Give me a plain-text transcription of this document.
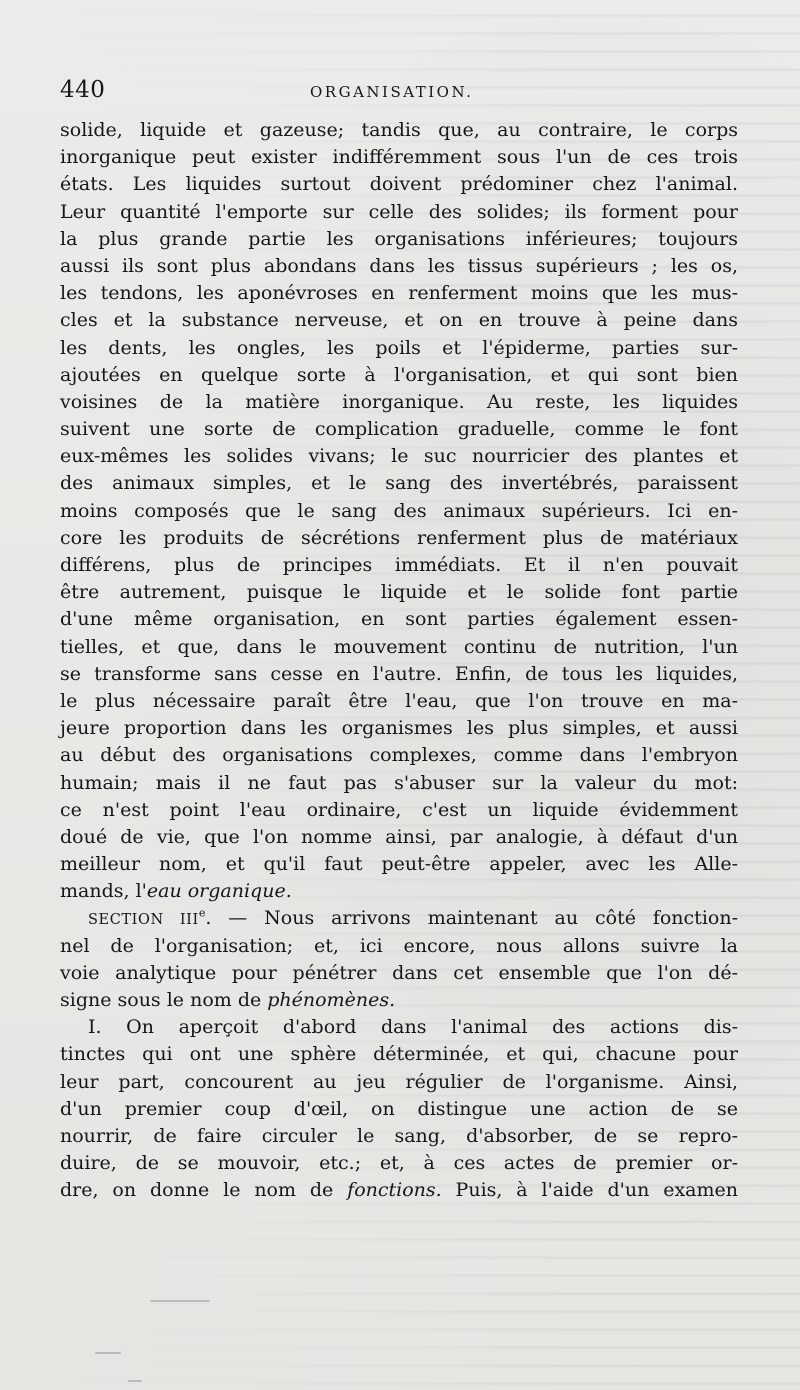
440	ORGANISATION.
solide, liquide et gazeuse; tandis que, au contraire, le corps
inorganique peut exister indifféremment sous l'un de ces trois
états. Les liquides surtout doivent prédominer chez l'animal.
Leur quantité l'emporte sur celle des solides; ils forment pour
la plus grande partie les organisations inférieures; toujours
aussi ils sont plus abondans dans les tissus supérieurs ; les os,
les tendons, les aponévroses en renferment moins que les mus-
cles et la substance nerveuse, et on en trouve à peine dans
les dents, les ongles, les poils et l'épiderme, parties sur-
ajoutées en quelque sorte à l'organisation, et qui sont bien
voisines de la matière inorganique. Au reste, les liquides
suivent une sorte de complication graduelle, comme le font
eux-mêmes les solides vivans; le suc nourricier des plantes et
des animaux simples, et le sang des invertébrés, paraissent
moins composés que le sang des animaux supérieurs. Ici en-
core les produits de sécrétions renferment plus de matériaux
différens, plus de principes immédiats. Et il n'en pouvait
être autrement, puisque le liquide et le solide font partie
d'une même organisation, en sont parties également essen-
tielles, et que, dans le mouvement continu de nutrition, l'un
se transforme sans cesse en l'autre. Enfin, de tous les liquides,
le plus nécessaire paraît être l'eau, que l'on trouve en ma-
jeure proportion dans les organismes les plus simples, et aussi
au début des organisations complexes, comme dans l'embryon
humain; mais il ne faut pas s'abuser sur la valeur du mot:
ce n'est point l'eau ordinaire, c'est un liquide évidemment
doué de vie, que l'on nomme ainsi, par analogie, à défaut d'un
meilleur nom, et qu'il faut peut-être appeler, avec les Alle-
mands, l'eau organique.
SECTION IIIe. — Nous arrivons maintenant au côté fonction-
nel de l'organisation; et, ici encore, nous allons suivre la
voie analytique pour pénétrer dans cet ensemble que l'on dé-
signe sous le nom de phénomènes.
I. On aperçoit d'abord dans l'animal des actions dis-
tinctes qui ont une sphère déterminée, et qui, chacune pour
leur part, concourent au jeu régulier de l'organisme. Ainsi,
d'un premier coup d'œil, on distingue une action de se
nourrir, de faire circuler le sang, d'absorber, de se repro-
duire, de se mouvoir, etc.; et, à ces actes de premier or-
dre, on donne le nom de fonctions. Puis, à l'aide d'un examen
